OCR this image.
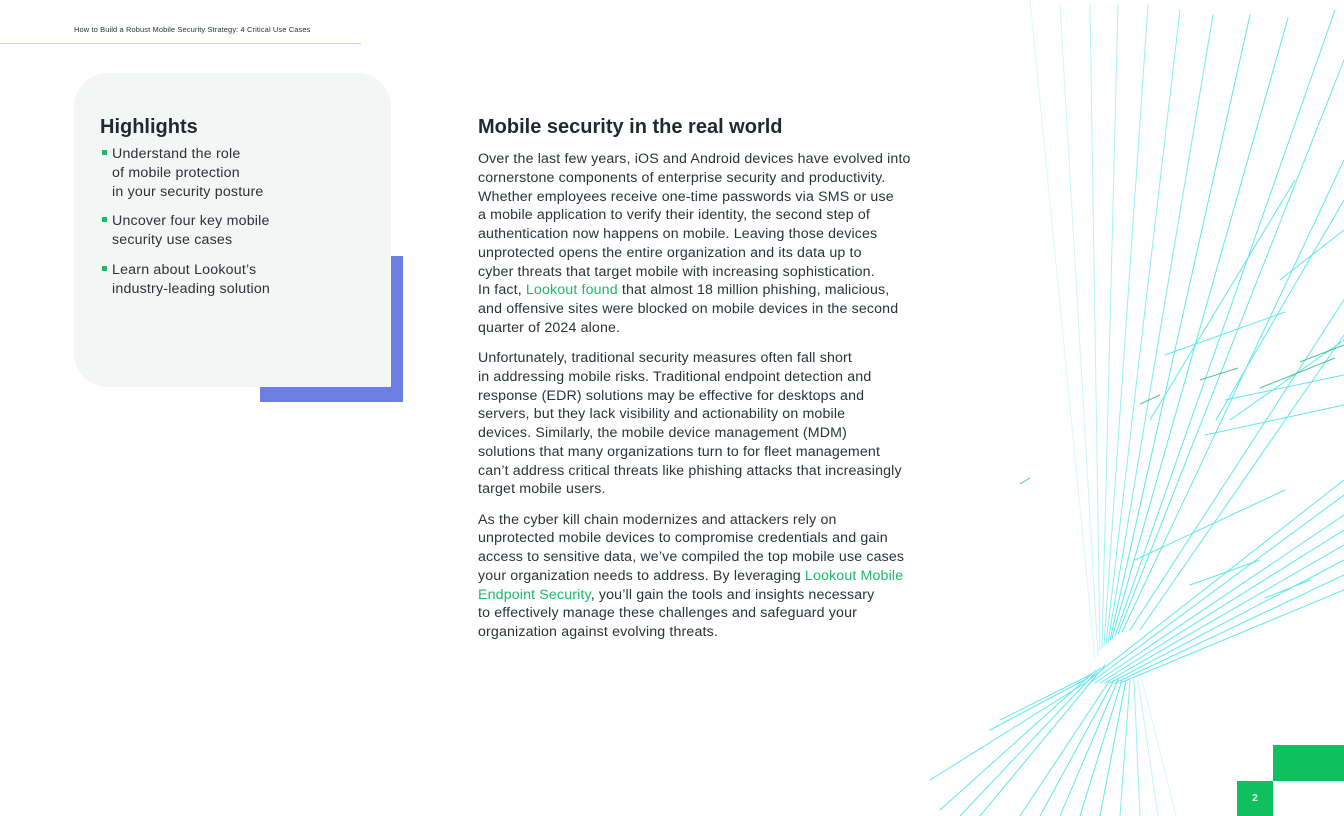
How to Build a Robust Mobile Security Strategy: 4 Critical Use Cases
Highlights
Understand the role
of mobile protection
in your security posture
Uncover four key mobile
security use cases
Learn about Lookout’s
industry-leading solution
Mobile security in the real world

Over the last few years, iOS and Android devices have evolved into
cornerstone components of enterprise security and productivity.
Whether employees receive one-time passwords via SMS or use
a mobile application to verify their identity, the second step of
authentication now happens on mobile. Leaving those devices
unprotected opens the entire organization and its data up to
cyber threats that target mobile with increasing sophistication.
In fact, Lookout found that almost 18 million phishing, malicious,
and offensive sites were blocked on mobile devices in the second
quarter of 2024 alone.

Unfortunately, traditional security measures often fall short
in addressing mobile risks. Traditional endpoint detection and
response (EDR) solutions may be effective for desktops and
servers, but they lack visibility and actionability on mobile
devices. Similarly, the mobile device management (MDM)
solutions that many organizations turn to for fleet management
can’t address critical threats like phishing attacks that increasingly
target mobile users.

As the cyber kill chain modernizes and attackers rely on
unprotected mobile devices to compromise credentials and gain
access to sensitive data, we’ve compiled the top mobile use cases
your organization needs to address. By leveraging Lookout Mobile
Endpoint Security, you’ll gain the tools and insights necessary
to effectively manage these challenges and safeguard your
organization against evolving threats.

2
